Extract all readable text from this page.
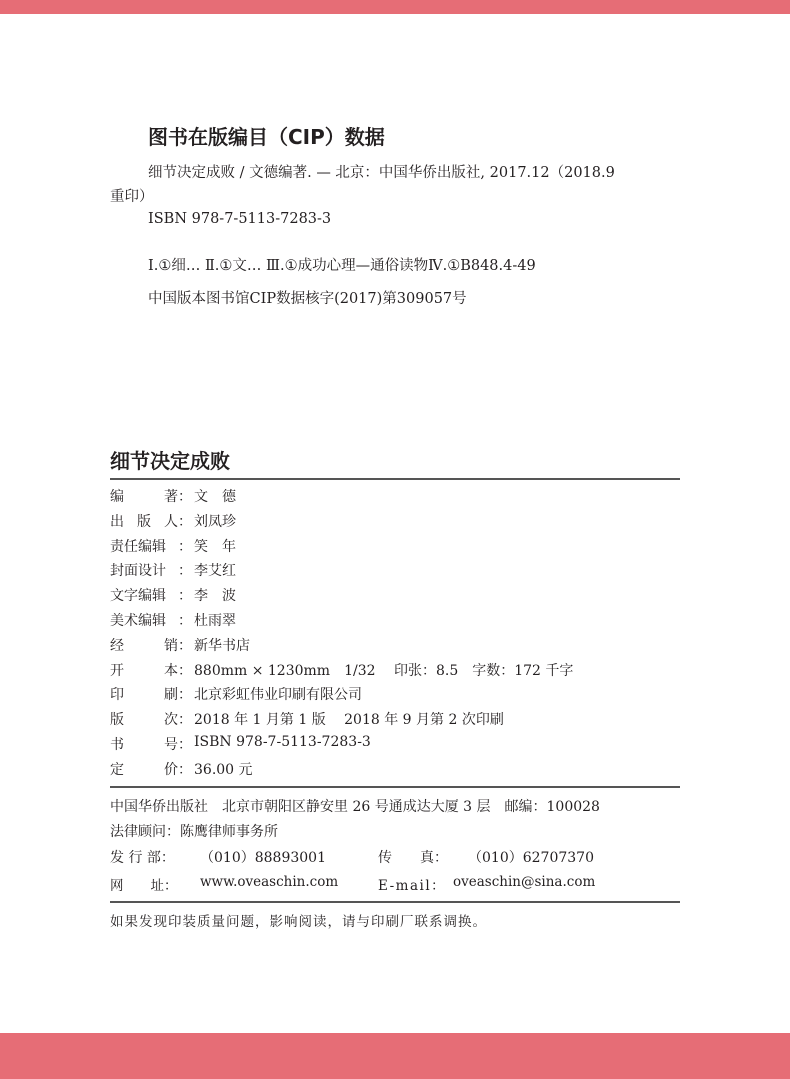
图书在版编目（CIP）数据
细节决定成败 / 文德编著. — 北京：中国华侨出版社, 2017.12（2018.9
重印）
ISBN 978-7-5113-7283-3
Ⅰ.①细… Ⅱ.①文… Ⅲ.①成功心理—通俗读物Ⅳ.①B848.4-49
中国版本图书馆CIP数据核字(2017)第309057号
细节决定成败
编	著 ： 文　德
出 版 人 ： 刘凤珍
责任编辑 ： 笑　年
封面设计 ： 李艾红
文字编辑 ： 李　波
美术编辑 ： 杜雨翠
经	销 ： 新华书店
开	本 ： 880mm × 1230mm　1/32　 印张：8.5　字数：172 千字
印	刷 ： 北京彩虹伟业印刷有限公司
版	次 ： 2018 年 1 月第 1 版　 2018 年 9 月第 2 次印刷
书	号 ： ISBN 978-7-5113-7283-3
定	价 ： 36.00 元
中国华侨出版社　北京市朝阳区静安里 26 号通成达大厦 3 层　邮编：100028
法律顾问：陈鹰律师事务所
发 行 部：	（010）88893001	传　　真：	（010）62707370
网　　址：	www.oveaschin.com	E-mail： oveaschin@sina.com
如果发现印装质量问题，影响阅读，请与印刷厂联系调换。
